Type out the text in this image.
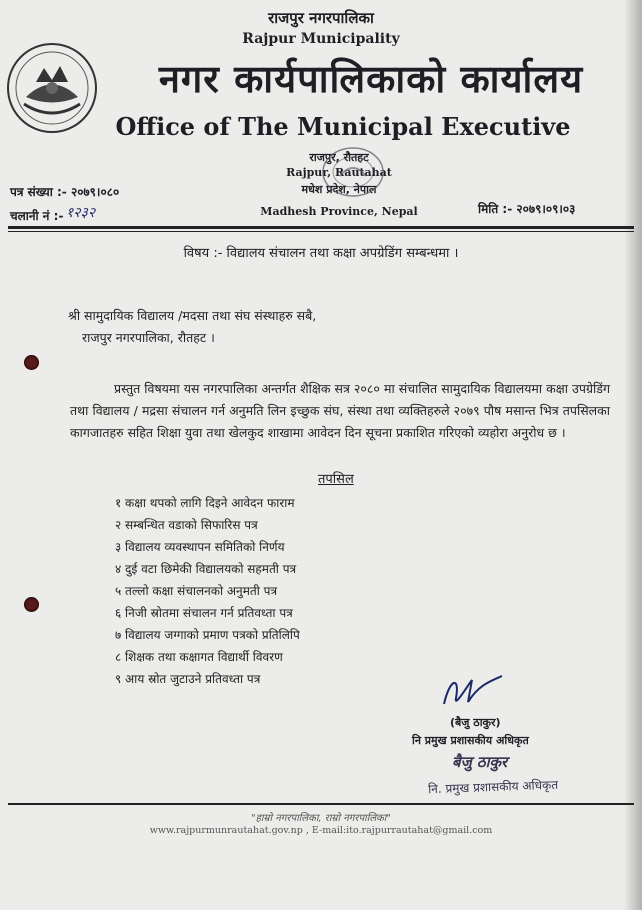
राजपुर नगरपालिका
Rajpur Municipality
नगर कार्यपालिकाको कार्यालय
Office of The Municipal Executive
राजपुर, रौतहट
Rajpur, Rautahat
मधेश प्रदेश, नेपाल
Madhesh Province, Nepal
पत्र संख्या :- २०७९।०८०
चलानी नं :- १२३२	मिति :- २०७९।०९।०३
विषय :- विद्यालय संचालन तथा कक्षा अपग्रेडिंग सम्बन्धमा ।
श्री सामुदायिक विद्यालय /मदसा तथा संघ संस्थाहरु सबै,
राजपुर नगरपालिका, रौतहट ।
प्रस्तुत विषयमा यस नगरपालिका अन्तर्गत शैक्षिक सत्र २०८० मा संचालित सामुदायिक विद्यालयमा कक्षा उपग्रेडिंग तथा विद्यालय / मद्रसा संचालन गर्न अनुमति लिन इच्छुक संघ, संस्था तथा व्यक्तिहरुले २०७९ पौष मसान्त भित्र तपसिलका कागजातहरु सहित शिक्षा युवा तथा खेलकुद शाखामा आवेदन दिन सूचना प्रकाशित गरिएको व्यहोरा अनुरोध छ ।
तपसिल
१ कक्षा थपको लागि दिइने आवेदन फाराम
२ सम्बन्धित वडाको सिफारिस पत्र
३ विद्यालय व्यवस्थापन समितिको निर्णय
४ दुई वटा छिमेकी विद्यालयको सहमती पत्र
५ तल्लो कक्षा संचालनको अनुमती पत्र
६ निजी स्रोतमा संचालन गर्न प्रतिवध्ता पत्र
७ विद्यालय जग्गाको प्रमाण पत्रको प्रतिलिपि
८ शिक्षक तथा कक्षागत विद्यार्थी विवरण
९ आय स्रोत जुटाउने प्रतिवध्ता पत्र
(बैजु ठाकुर)
नि प्रमुख प्रशासकीय अधिकृत
बैजु ठाकुर
नि. प्रमुख प्रशासकीय अधिकृत
"हाम्रो नगरपालिका, राम्रो नगरपालिका"
www.rajpurmunrautahat.gov.np , E-mail:ito.rajpurrautahat@gmail.com
